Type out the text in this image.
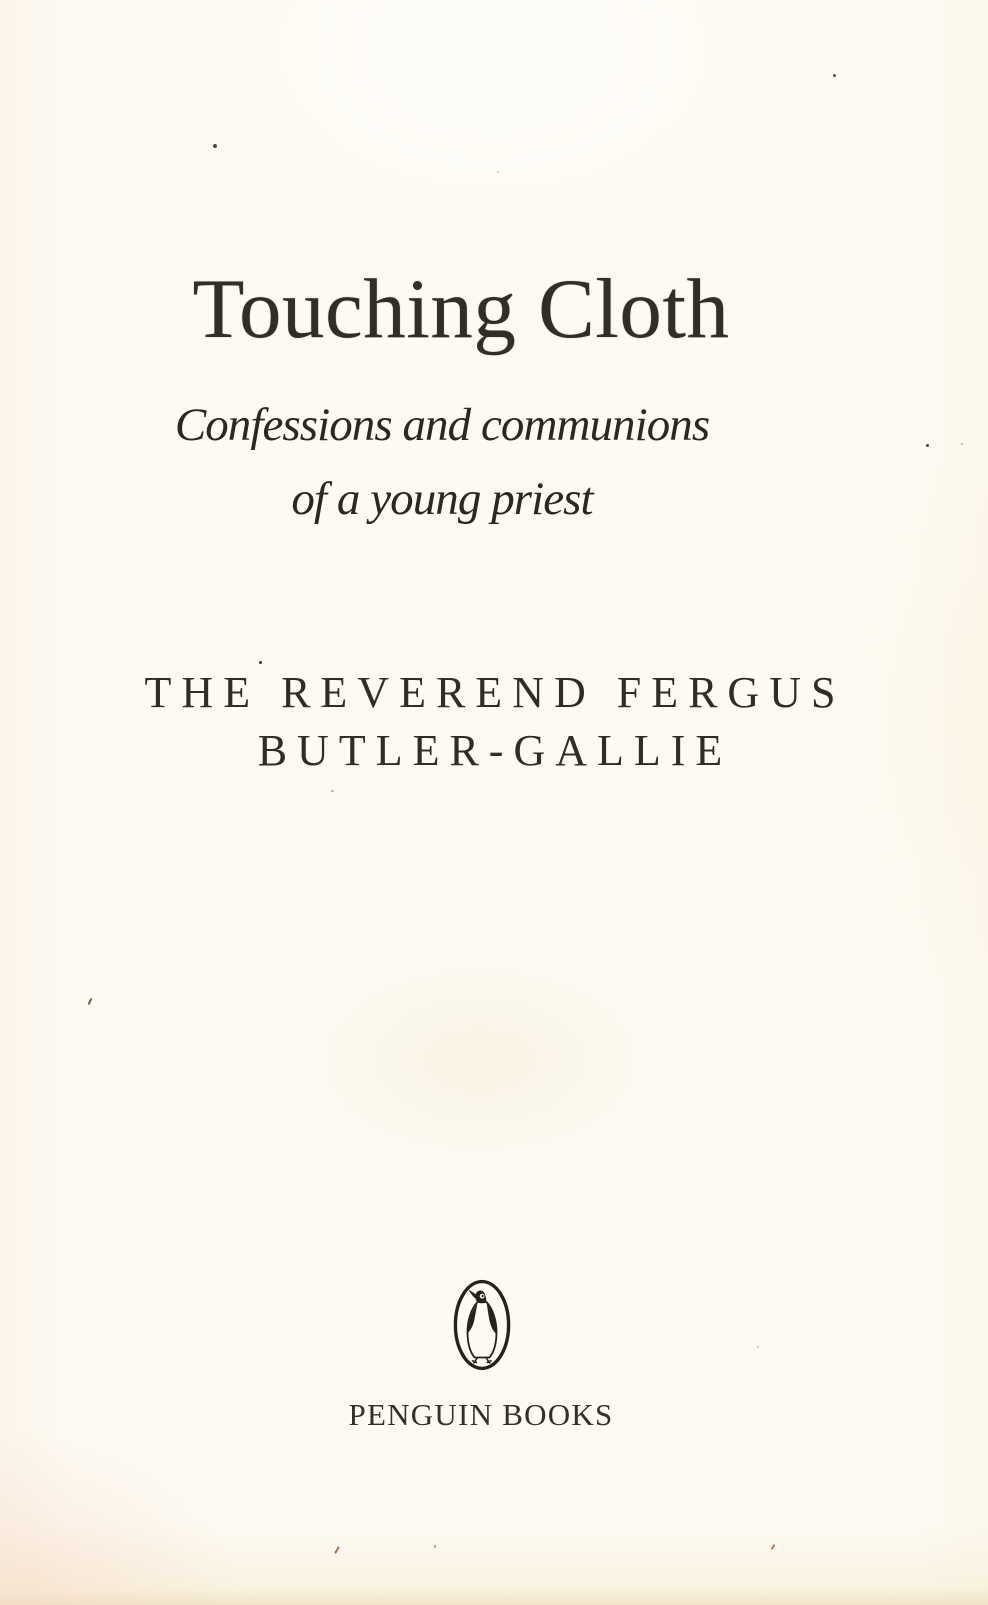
Touching Cloth
Confessions and communions
of a young priest
THE REVEREND FERGUS
BUTLER-GALLIE
PENGUIN BOOKS
